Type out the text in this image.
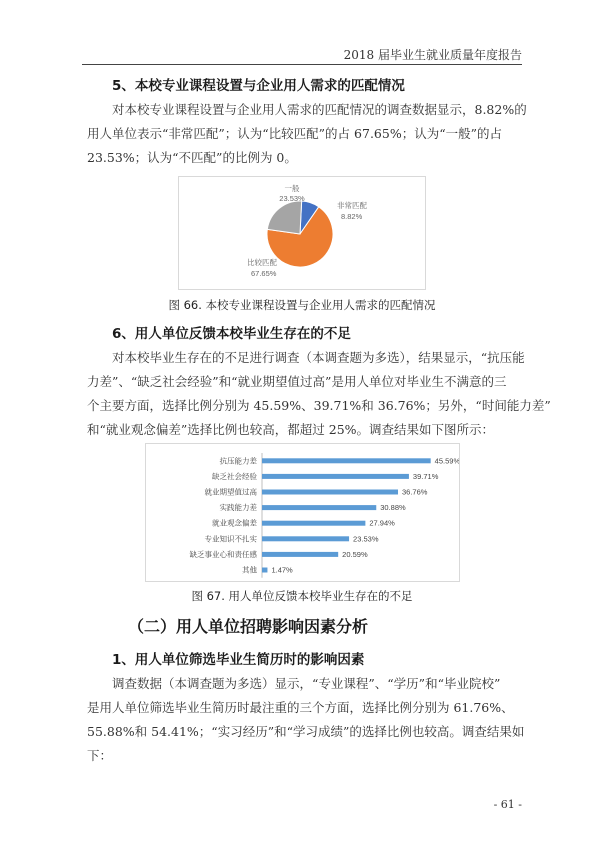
2018 届毕业生就业质量年度报告
5、本校专业课程设置与企业用人需求的匹配情况
对本校专业课程设置与企业用人需求的匹配情况的调查数据显示，8.82%的
用人单位表示“非常匹配”；认为“比较匹配”的占 67.65%；认为“一般”的占
23.53%；认为“不匹配”的比例为 0。
一般
23.53%
非常匹配
8.82%
比较匹配
67.65%
图 66. 本校专业课程设置与企业用人需求的匹配情况
6、用人单位反馈本校毕业生存在的不足
对本校毕业生存在的不足进行调查（本调查题为多选），结果显示，“抗压能
力差”、“缺乏社会经验”和“就业期望值过高”是用人单位对毕业生不满意的三
个主要方面，选择比例分别为 45.59%、39.71%和 36.76%；另外，“时间能力差”
和“就业观念偏差”选择比例也较高，都超过 25%。调查结果如下图所示：
抗压能力差	45.59%
缺乏社会经验	39.71%
就业期望值过高	36.76%
实践能力差	30.88%
就业观念偏差	27.94%
专业知识不扎实	23.53%
缺乏事业心和责任感	20.59%
其他 1.47%
图 67. 用人单位反馈本校毕业生存在的不足
（二）用人单位招聘影响因素分析
1、用人单位筛选毕业生简历时的影响因素
调查数据（本调查题为多选）显示，“专业课程”、“学历”和“毕业院校”
是用人单位筛选毕业生简历时最注重的三个方面，选择比例分别为 61.76%、
55.88%和 54.41%；“实习经历”和“学习成绩”的选择比例也较高。调查结果如
下：
- 61 -
